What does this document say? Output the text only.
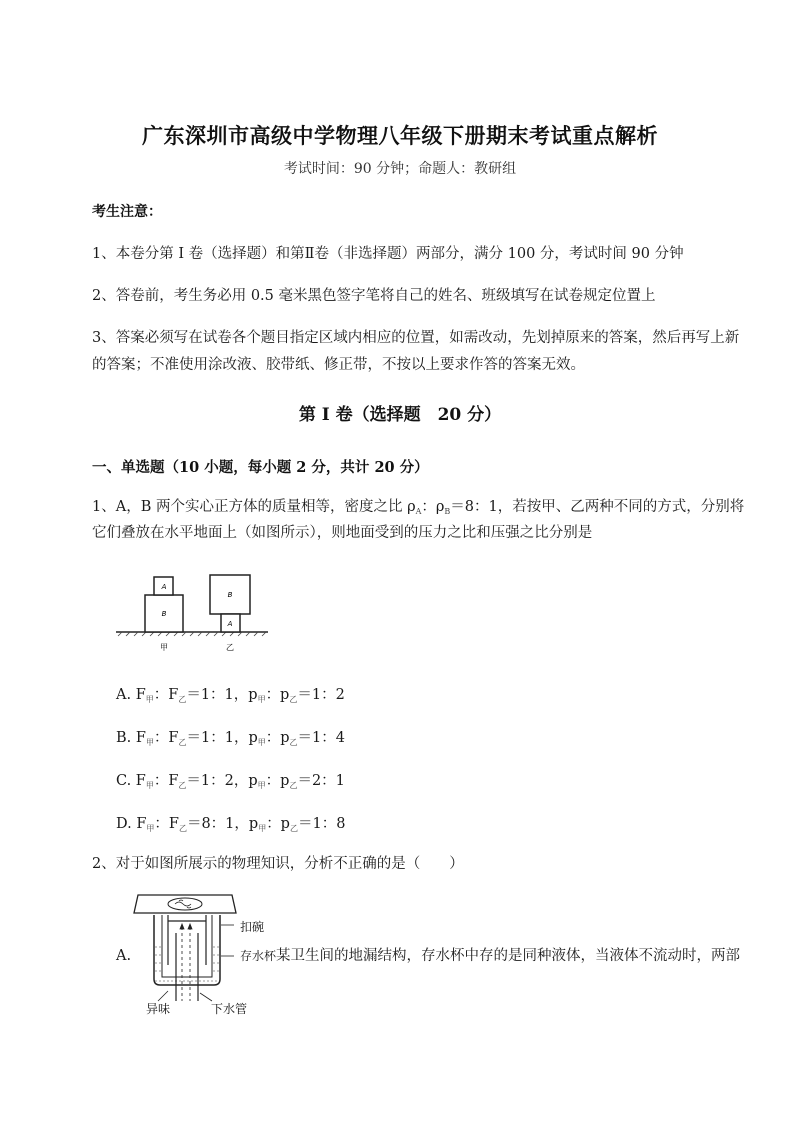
广东深圳市高级中学物理八年级下册期末考试重点解析
考试时间：90 分钟；命题人：教研组
考生注意：
1、本卷分第 I 卷（选择题）和第Ⅱ卷（非选择题）两部分，满分 100 分，考试时间 90 分钟
2、答卷前，考生务必用 0.5 毫米黑色签字笔将自己的姓名、班级填写在试卷规定位置上
3、答案必须写在试卷各个题目指定区域内相应的位置，如需改动，先划掉原来的答案，然后再写上新
的答案；不准使用涂改液、胶带纸、修正带，不按以上要求作答的答案无效。
第 I 卷（选择题　20 分）
一、单选题（10 小题，每小题 2 分，共计 20 分）
1、A，B 两个实心正方体的质量相等，密度之比 $\rho_A$：$\rho_B=8$：1，若按甲、乙两种不同的方式，分别将
它们叠放在水平地面上（如图所示），则地面受到的压力之比和压强之比分别是
A
B
B
A
甲	乙
A. $F_甲$：$F_乙=1$：1，$p_甲$：$p_乙=1$：2
B. $F_甲$：$F_乙=1$：1，$p_甲$：$p_乙=1$：4
C. $F_甲$：$F_乙=1$：2，$p_甲$：$p_乙=2$：1
D. $F_甲$：$F_乙=8$：1，$p_甲$：$p_乙=1$：8
2、对于如图所展示的物理知识，分析不正确的是（　　）
A.
扣碗
异味	下水管
存水杯某卫生间的地漏结构，存水杯中存的是同种液体，当液体不流动时，两部
